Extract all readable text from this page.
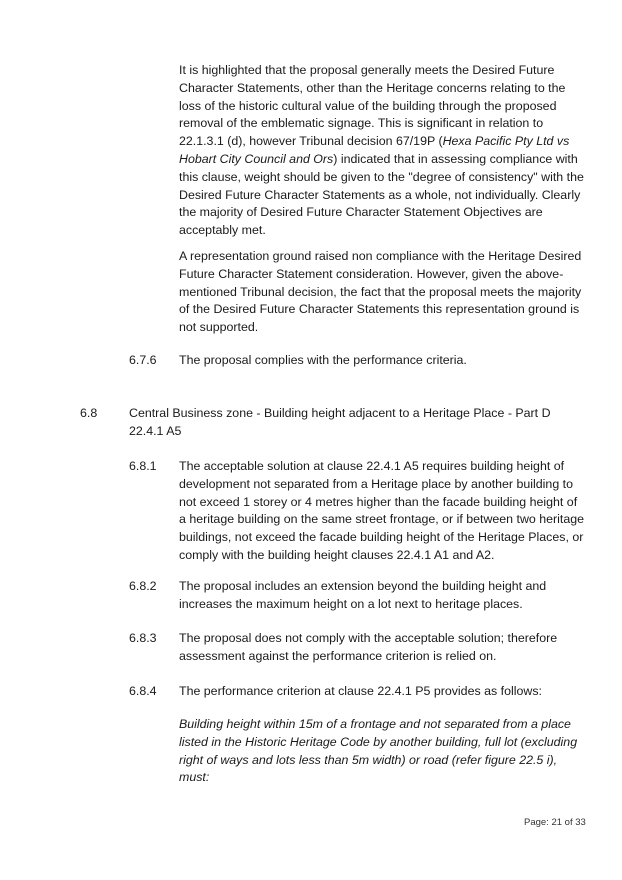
It is highlighted that the proposal generally meets the Desired Future Character Statements, other than the Heritage concerns relating to the loss of the historic cultural value of the building through the proposed removal of the emblematic signage. This is significant in relation to 22.1.3.1 (d), however Tribunal decision 67/19P (Hexa Pacific Pty Ltd vs Hobart City Council and Ors) indicated that in assessing compliance with this clause, weight should be given to the "degree of consistency" with the Desired Future Character Statements as a whole, not individually. Clearly the majority of Desired Future Character Statement Objectives are acceptably met.

A representation ground raised non compliance with the Heritage Desired Future Character Statement consideration. However, given the above-mentioned Tribunal decision, the fact that the proposal meets the majority of the Desired Future Character Statements this representation ground is not supported.

6.7.6 The proposal complies with the performance criteria.
6.8	Central Business zone - Building height adjacent to a Heritage Place - Part D

22.4.1 A5

6.8.1 The acceptable solution at clause 22.4.1 A5 requires building height of development not separated from a Heritage place by another building to not exceed 1 storey or 4 metres higher than the facade building height of a heritage building on the same street frontage, or if between two heritage buildings, not exceed the facade building height of the Heritage Places, or comply with the building height clauses 22.4.1 A1 and A2.
6.8.2 The proposal includes an extension beyond the building height and increases the maximum height on a lot next to heritage places.
6.8.3 The proposal does not comply with the acceptable solution; therefore assessment against the performance criterion is relied on.
6.8.4 The performance criterion at clause 22.4.1 P5 provides as follows:
Building height within 15m of a frontage and not separated from a place listed in the Historic Heritage Code by another building, full lot (excluding right of ways and lots less than 5m width) or road (refer figure 22.5 i), must:
Page: 21 of 33
